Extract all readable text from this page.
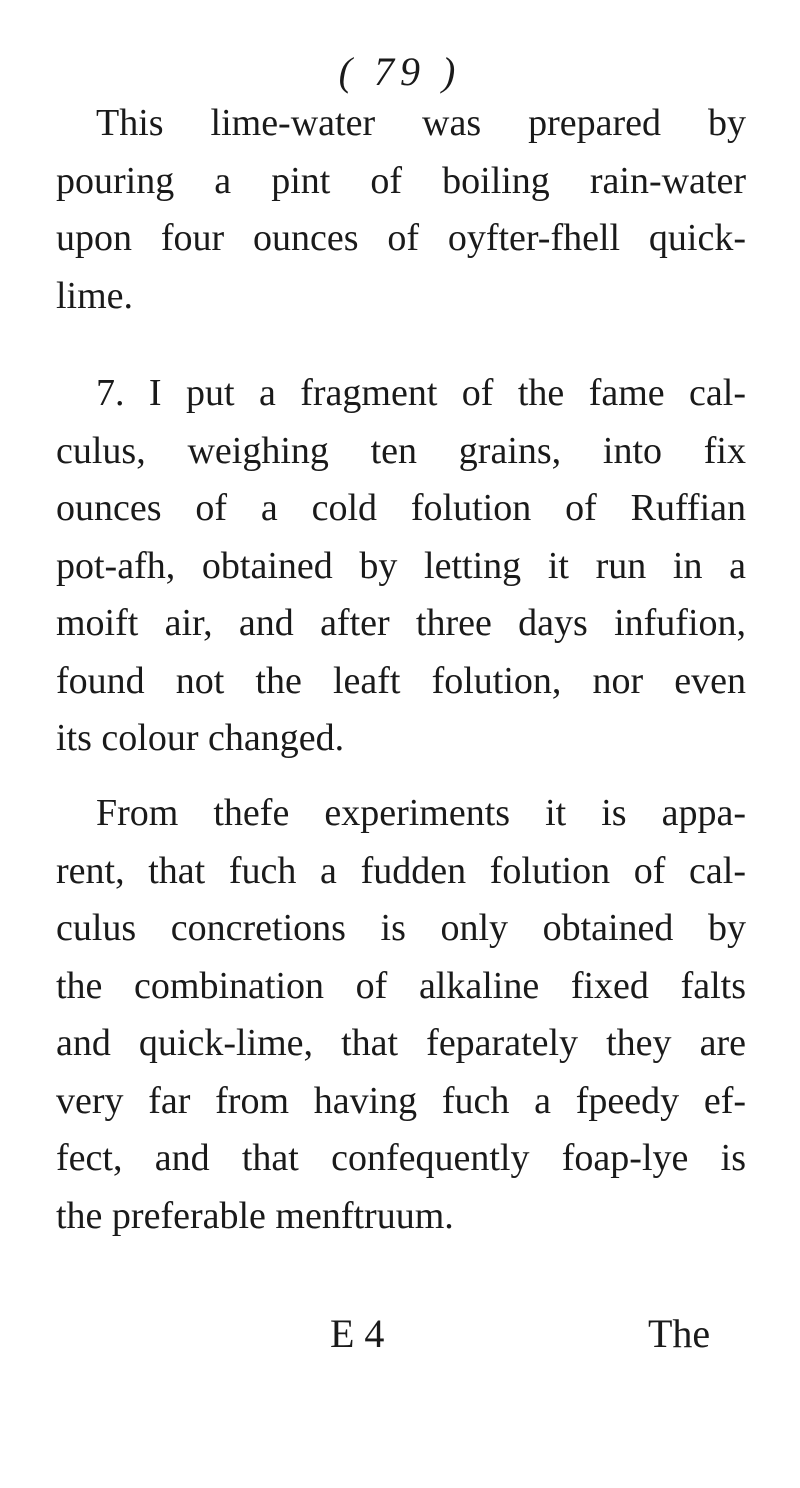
( 79 )
This lime-water was prepared by
pouring a pint of boiling rain-water
upon four ounces of oyfter-fhell quick-
lime.
7. I put a fragment of the fame cal-
culus, weighing ten grains, into fix
ounces of a cold folution of Ruffian
pot-afh, obtained by letting it run in a
moift air, and after three days infufion,
found not the leaft folution, nor even
its colour changed.
From thefe experiments it is appa-
rent, that fuch a fudden folution of cal-
culus concretions is only obtained by
the combination of alkaline fixed falts
and quick-lime, that feparately they are
very far from having fuch a fpeedy ef-
fect, and that confequently foap-lye is
the preferable menftruum.
E 4	The
